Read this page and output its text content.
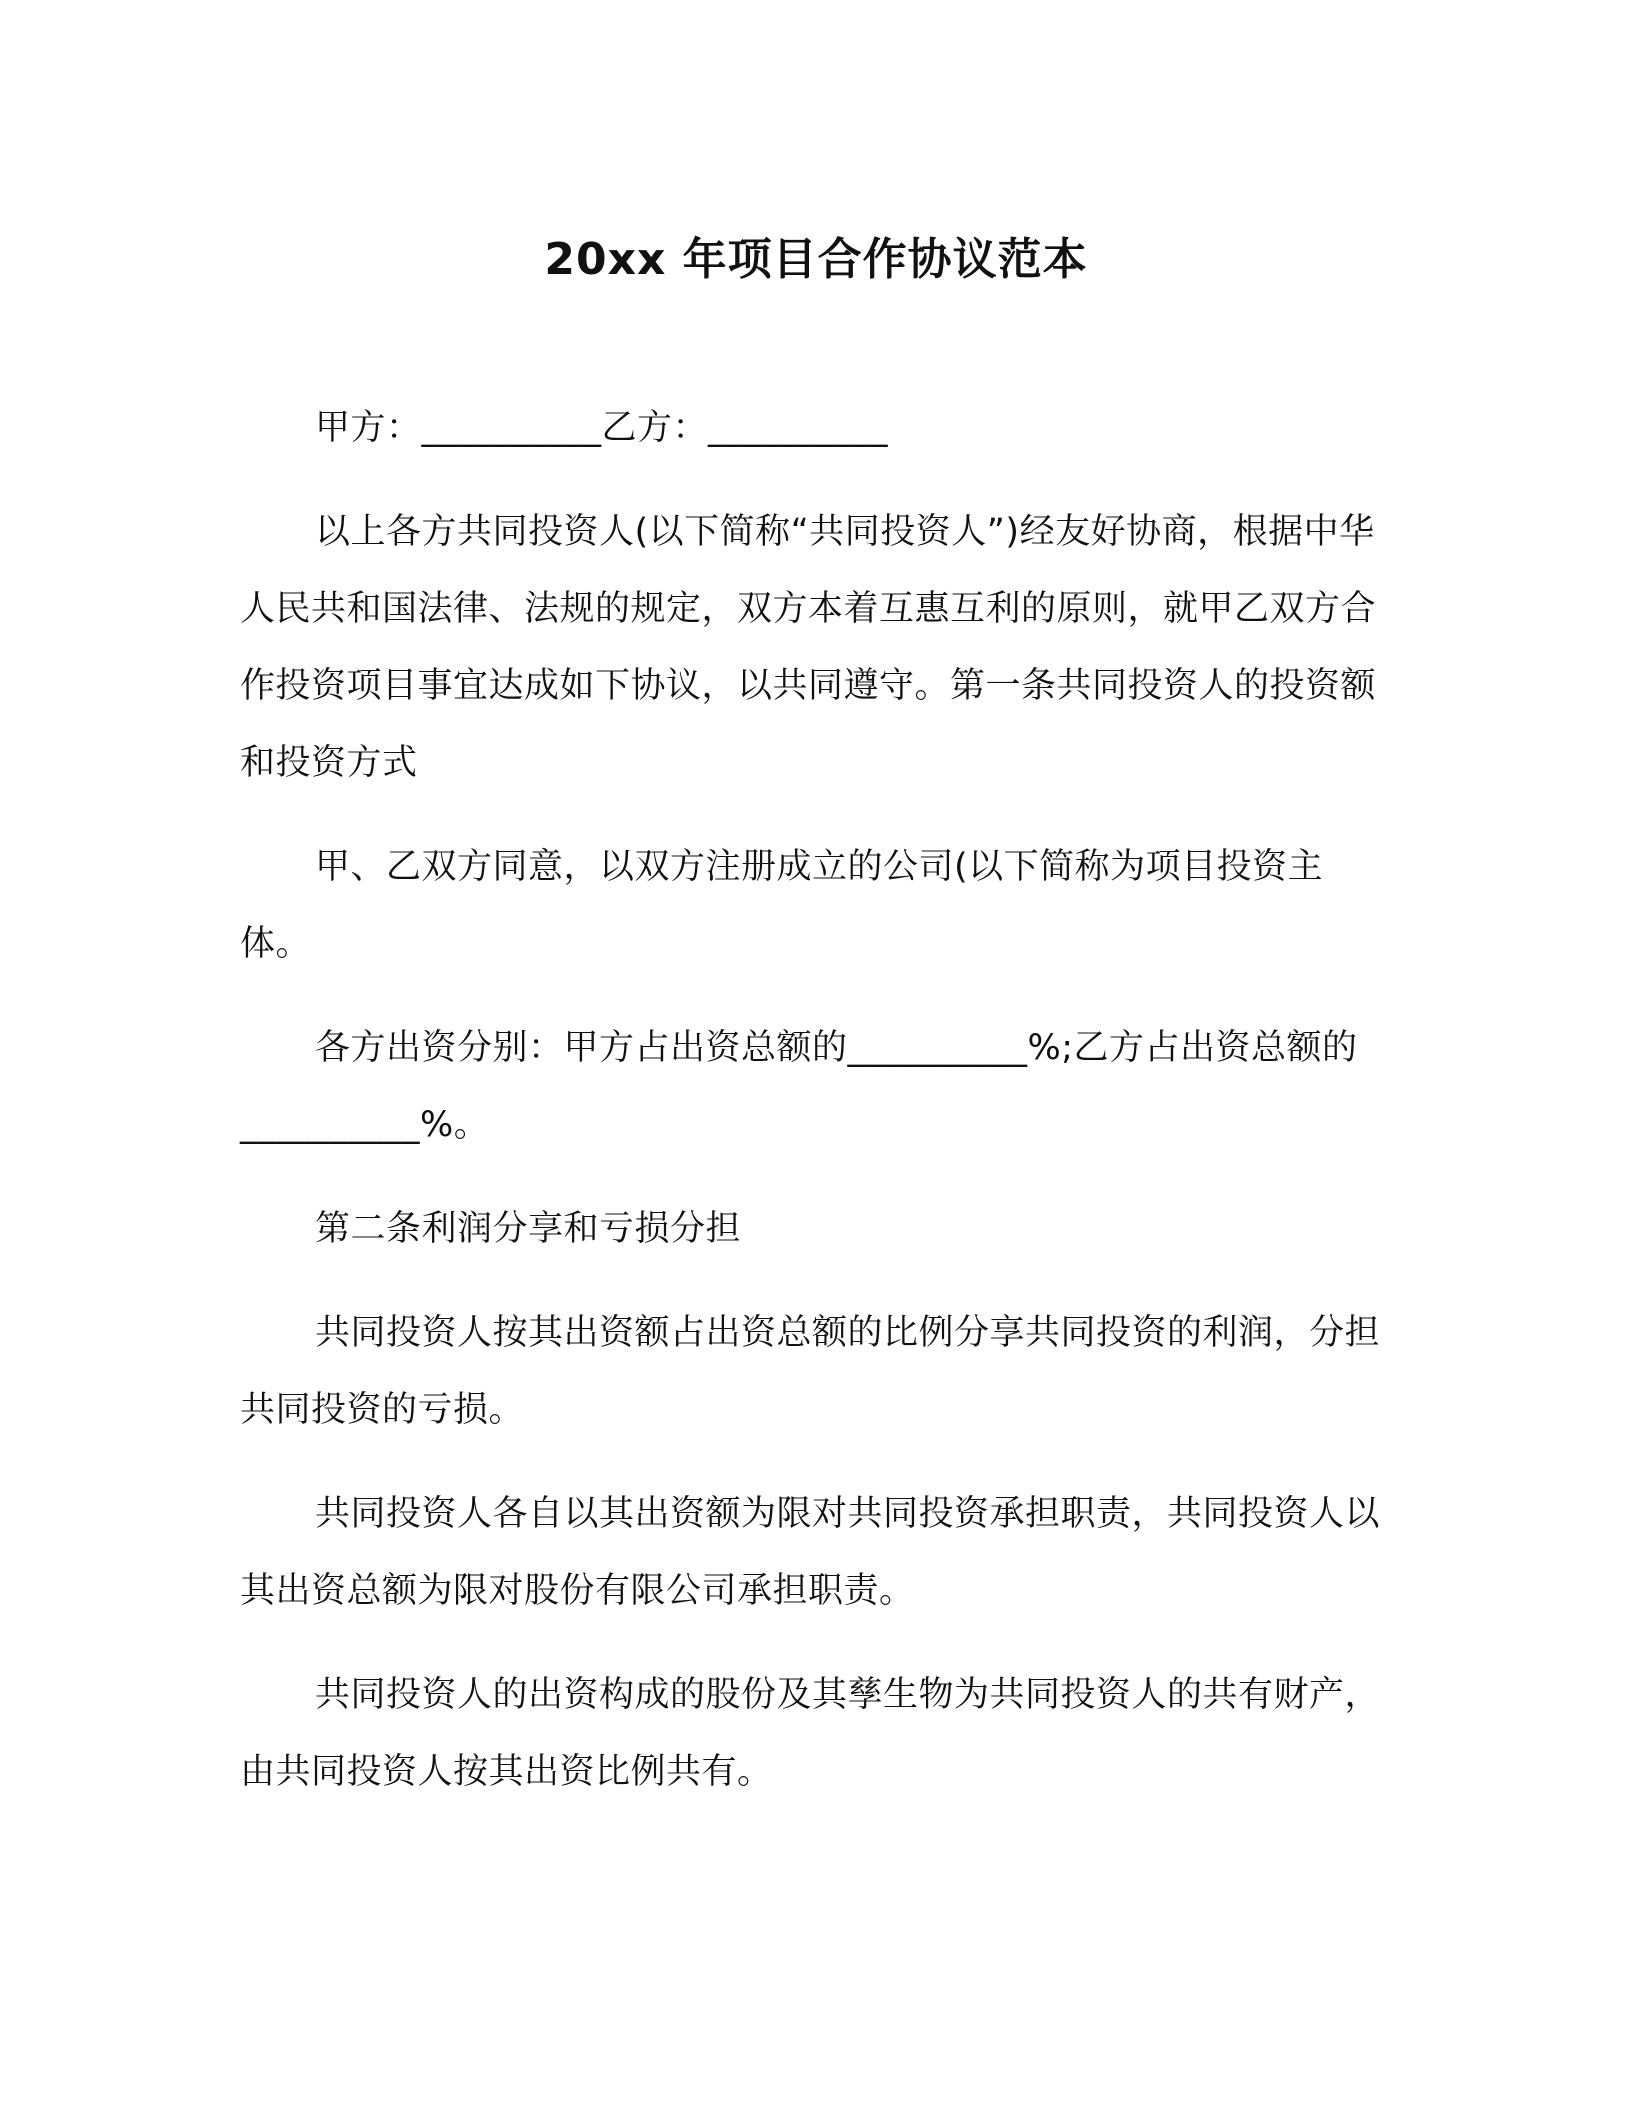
20xx 年项目合作协议范本

甲方：__________乙方：__________

以上各方共同投资人(以下简称“共同投资人”)经友好协商，根据中华人民共和国法律、法规的规定，双方本着互惠互利的原则，就甲乙双方合作投资项目事宜达成如下协议，以共同遵守。第一条共同投资人的投资额和投资方式

甲、乙双方同意，以双方注册成立的公司(以下简称为项目投资主体。

各方出资分别：甲方占出资总额的__________%;乙方占出资总额的__________%。

第二条利润分享和亏损分担

共同投资人按其出资额占出资总额的比例分享共同投资的利润，分担共同投资的亏损。

共同投资人各自以其出资额为限对共同投资承担职责，共同投资人以其出资总额为限对股份有限公司承担职责。

共同投资人的出资构成的股份及其孳生物为共同投资人的共有财产，由共同投资人按其出资比例共有。
